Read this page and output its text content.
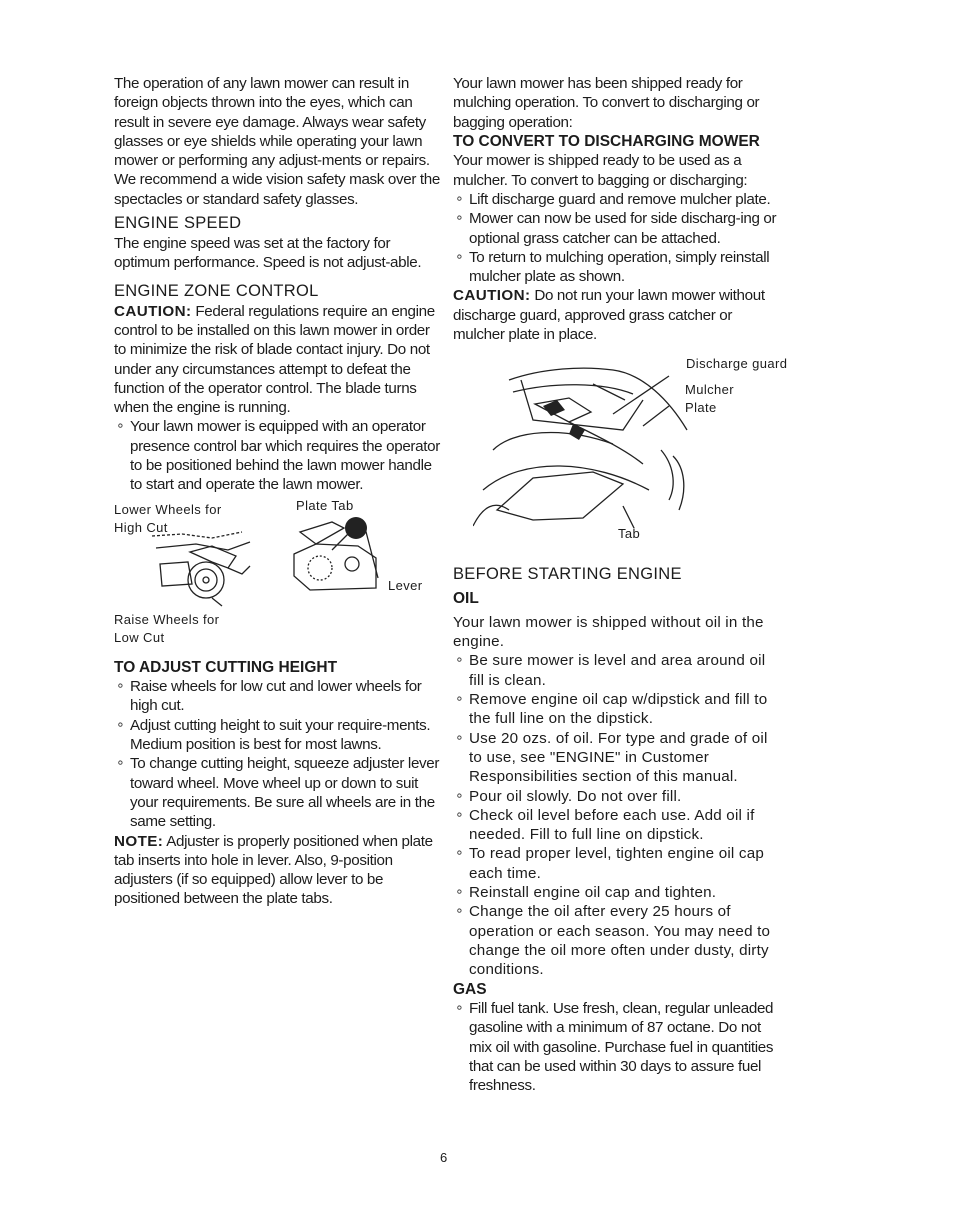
The operation of any lawn mower can result in foreign objects thrown into the eyes, which can result in severe eye damage. Always wear safety glasses or eye shields while operating your lawn mower or performing any adjust-ments or repairs. We recommend a wide vision safety mask over the spectacles or standard safety glasses.

ENGINE SPEED

The engine speed was set at the factory for optimum performance. Speed is not adjust-able.

ENGINE ZONE CONTROL

CAUTION: Federal regulations require an engine control to be installed on this lawn mower in order to minimize the risk of blade contact injury. Do not under any circumstances attempt to defeat the function of the operator control. The blade turns when the engine is running.

∘ Your lawn mower is equipped with an operator presence control bar which requires the operator to be positioned behind the lawn mower handle to start and operate the lawn mower.
Lower Wheels for
High Cut
Plate Tab
Lever
Raise Wheels for
Low Cut
TO ADJUST CUTTING HEIGHT
∘ Raise wheels for low cut and lower wheels for high cut.
∘ Adjust cutting height to suit your require-ments. Medium position is best for most lawns.
∘ To change cutting height, squeeze adjuster lever toward wheel. Move wheel up or down to suit your requirements. Be sure all wheels are in the same setting.

NOTE: Adjuster is properly positioned when plate tab inserts into hole in lever. Also, 9-position adjusters (if so equipped) allow lever to be positioned between the plate tabs.

Your lawn mower has been shipped ready for mulching operation. To convert to discharging or bagging operation:

TO CONVERT TO DISCHARGING MOWER

Your mower is shipped ready to be used as a mulcher. To convert to bagging or discharging:

∘ Lift discharge guard and remove mulcher plate.
∘ Mower can now be used for side discharg-ing or optional grass catcher can be attached.
∘ To return to mulching operation, simply reinstall mulcher plate as shown.

CAUTION: Do not run your lawn mower without discharge guard, approved grass catcher or mulcher plate in place.

Discharge guard
Mulcher
Plate
Tab
BEFORE STARTING ENGINE
OIL

Your lawn mower is shipped without oil in the engine.

∘ Be sure mower is level and area around oil fill is clean.
∘ Remove engine oil cap w/dipstick and fill to the full line on the dipstick.
∘ Use 20 ozs. of oil. For type and grade of oil to use, see "ENGINE" in Customer Responsibilities section of this manual.
∘ Pour oil slowly. Do not over fill.
∘ Check oil level before each use. Add oil if needed. Fill to full line on dipstick.
∘ To read proper level, tighten engine oil cap each time.
∘ Reinstall engine oil cap and tighten.
∘ Change the oil after every 25 hours of operation or each season. You may need to change the oil more often under dusty, dirty conditions.
GAS
∘ Fill fuel tank. Use fresh, clean, regular unleaded gasoline with a minimum of 87 octane. Do not mix oil with gasoline. Purchase fuel in quantities that can be used within 30 days to assure fuel freshness.
6
